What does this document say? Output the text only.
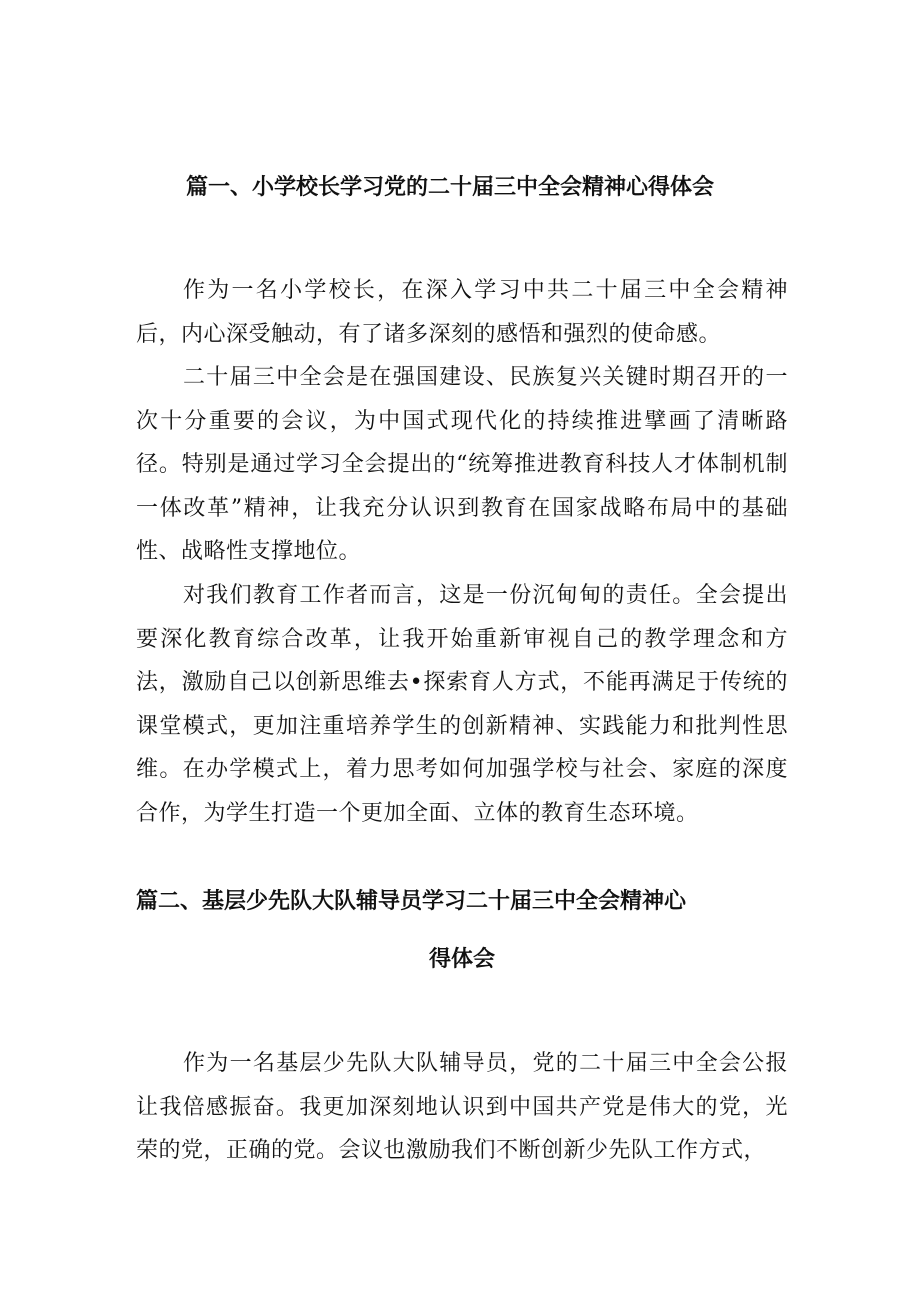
篇一、小学校长学习党的二十届三中全会精神心得体会

作为一名小学校长，在深入学习中共二十届三中全会精神后，内心深受触动，有了诸多深刻的感悟和强烈的使命感。

二十届三中全会是在强国建设、民族复兴关键时期召开的一次十分重要的会议，为中国式现代化的持续推进擘画了清晰路径。特别是通过学习全会提出的“统筹推进教育科技人才体制机制一体改革”精神，让我充分认识到教育在国家战略布局中的基础性、战略性支撑地位。

对我们教育工作者而言，这是一份沉甸甸的责任。全会提出要深化教育综合改革，让我开始重新审视自己的教学理念和方法，激励自己以创新思维去•探索育人方式，不能再满足于传统的课堂模式，更加注重培养学生的创新精神、实践能力和批判性思维。在办学模式上，着力思考如何加强学校与社会、家庭的深度合作，为学生打造一个更加全面、立体的教育生态环境。

篇二、基层少先队大队辅导员学习二十届三中全会精神心
得体会

作为一名基层少先队大队辅导员，党的二十届三中全会公报让我倍感振奋。我更加深刻地认识到中国共产党是伟大的党，光荣的党，正确的党。会议也激励我们不断创新少先队工作方式，
